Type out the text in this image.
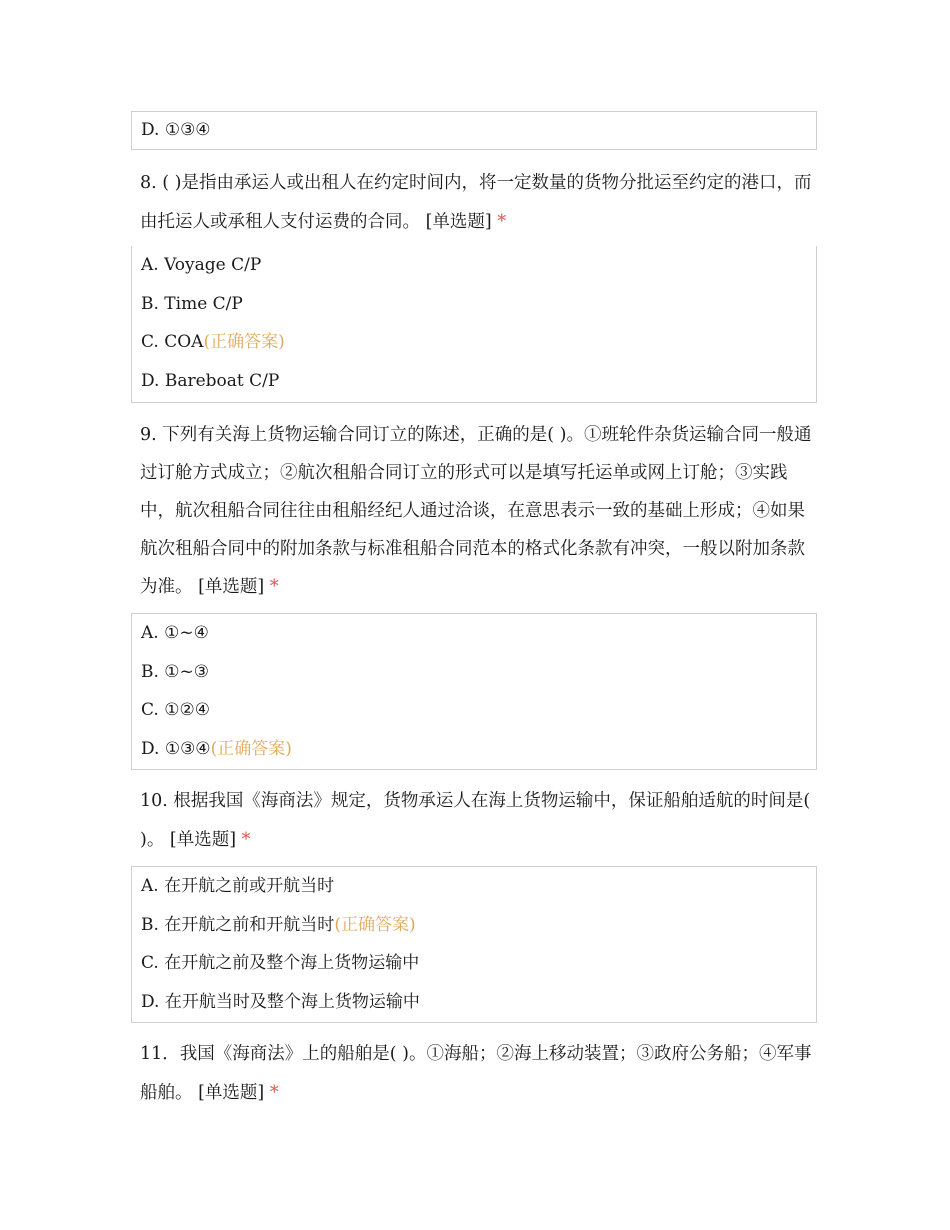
D. ①③④
8. ( )是指由承运人或出租人在约定时间内，将一定数量的货物分批运至约定的港口，而由托运人或承租人支付运费的合同。 [单选题] *
A. Voyage C/P
B. Time C/P
C. COA(正确答案)
D. Bareboat C/P
9. 下列有关海上货物运输合同订立的陈述，正确的是( )。①班轮件杂货运输合同一般通过订舱方式成立；②航次租船合同订立的形式可以是填写托运单或网上订舱；③实践中，航次租船合同往往由租船经纪人通过洽谈，在意思表示一致的基础上形成；④如果航次租船合同中的附加条款与标准租船合同范本的格式化条款有冲突，一般以附加条款为准。 [单选题] *
A. ①~④
B. ①~③
C. ①②④
D. ①③④(正确答案)
10. 根据我国《海商法》规定，货物承运人在海上货物运输中，保证船舶适航的时间是( )。 [单选题] *
A. 在开航之前或开航当时
B. 在开航之前和开航当时(正确答案)
C. 在开航之前及整个海上货物运输中
D. 在开航当时及整个海上货物运输中
11．我国《海商法》上的船舶是( )。①海船；②海上移动装置；③政府公务船；④军事船舶。 [单选题] *
